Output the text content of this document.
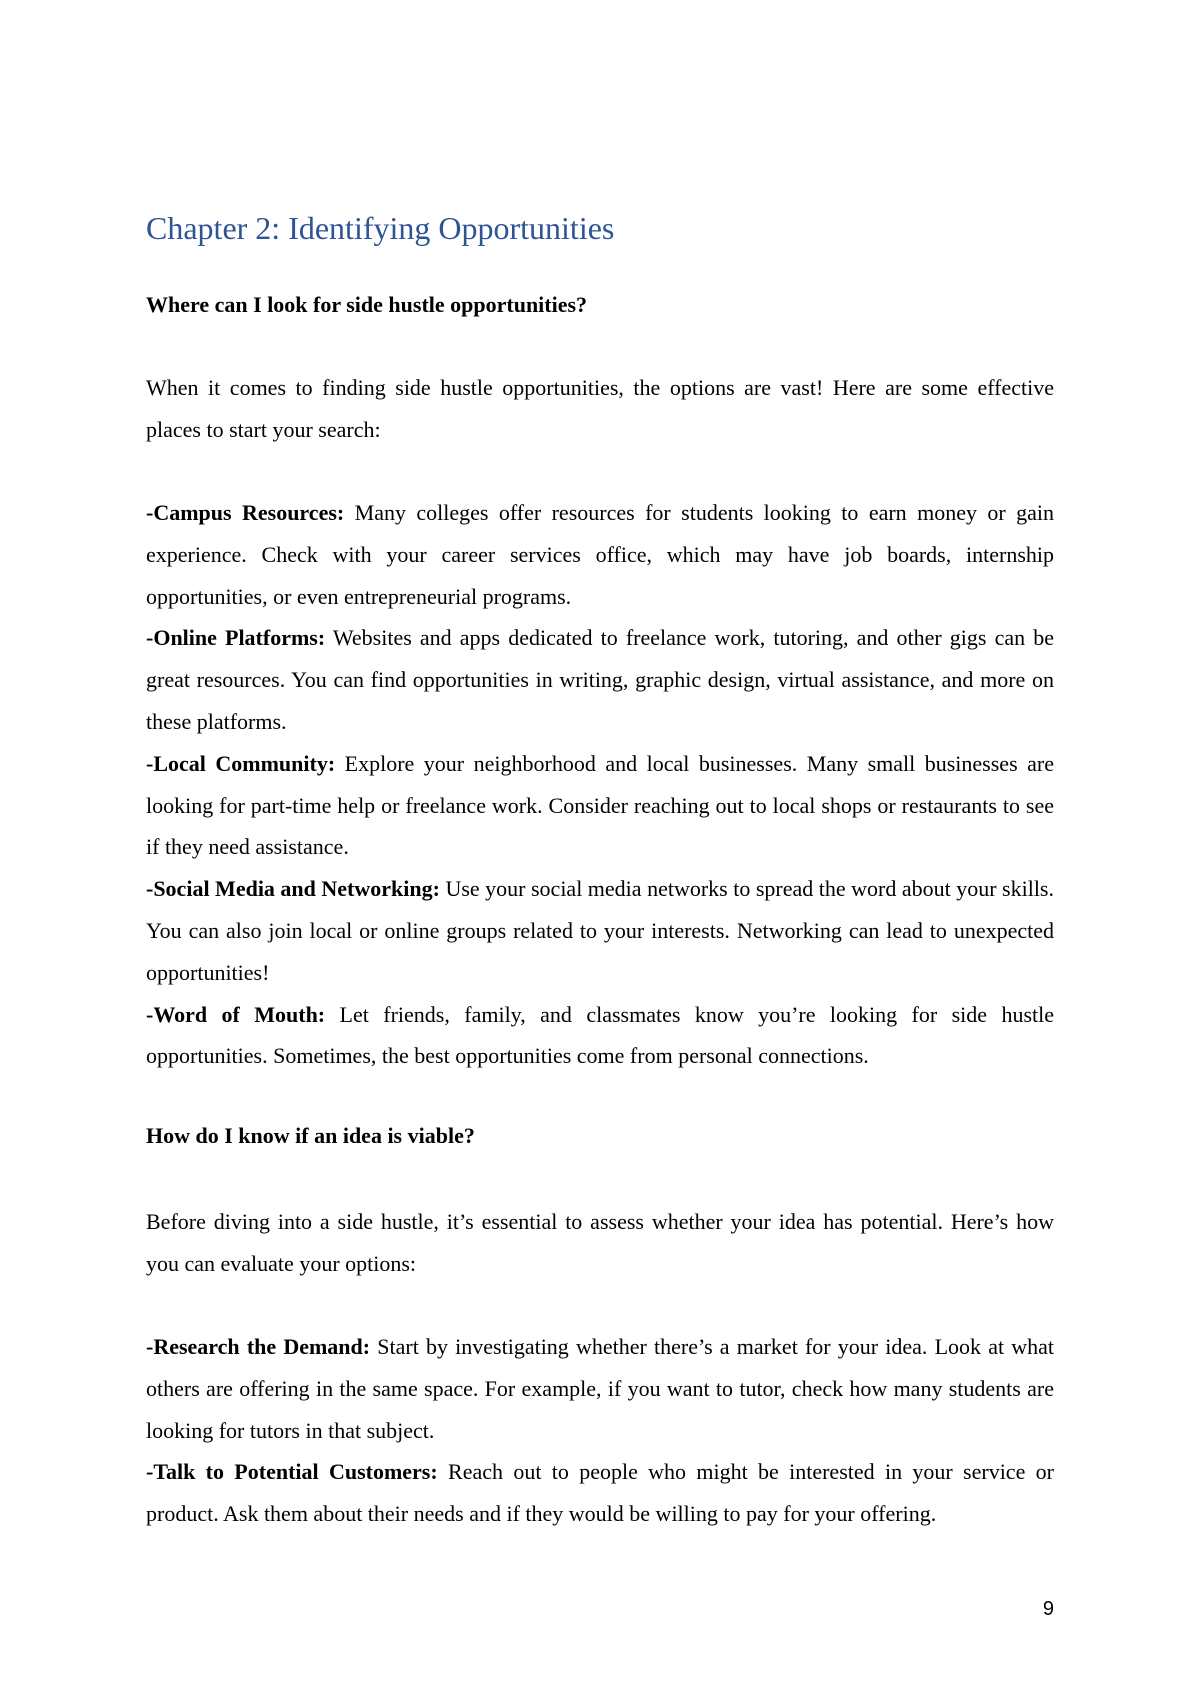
Chapter 2: Identifying Opportunities
Where can I look for side hustle opportunities?

When it comes to finding side hustle opportunities, the options are vast! Here are some effective places to start your search:

-Campus Resources: Many colleges offer resources for students looking to earn money or gain experience. Check with your career services office, which may have job boards, internship opportunities, or even entrepreneurial programs.
-Online Platforms: Websites and apps dedicated to freelance work, tutoring, and other gigs can be great resources. You can find opportunities in writing, graphic design, virtual assistance, and more on these platforms.
-Local Community: Explore your neighborhood and local businesses. Many small businesses are looking for part-time help or freelance work. Consider reaching out to local shops or restaurants to see if they need assistance.
-Social Media and Networking: Use your social media networks to spread the word about your skills. You can also join local or online groups related to your interests. Networking can lead to unexpected opportunities!
-Word of Mouth: Let friends, family, and classmates know you’re looking for side hustle opportunities. Sometimes, the best opportunities come from personal connections.
How do I know if an idea is viable?

Before diving into a side hustle, it’s essential to assess whether your idea has potential. Here’s how you can evaluate your options:

-Research the Demand: Start by investigating whether there’s a market for your idea. Look at what others are offering in the same space. For example, if you want to tutor, check how many students are looking for tutors in that subject.
-Talk to Potential Customers: Reach out to people who might be interested in your service or product. Ask them about their needs and if they would be willing to pay for your offering.
9
